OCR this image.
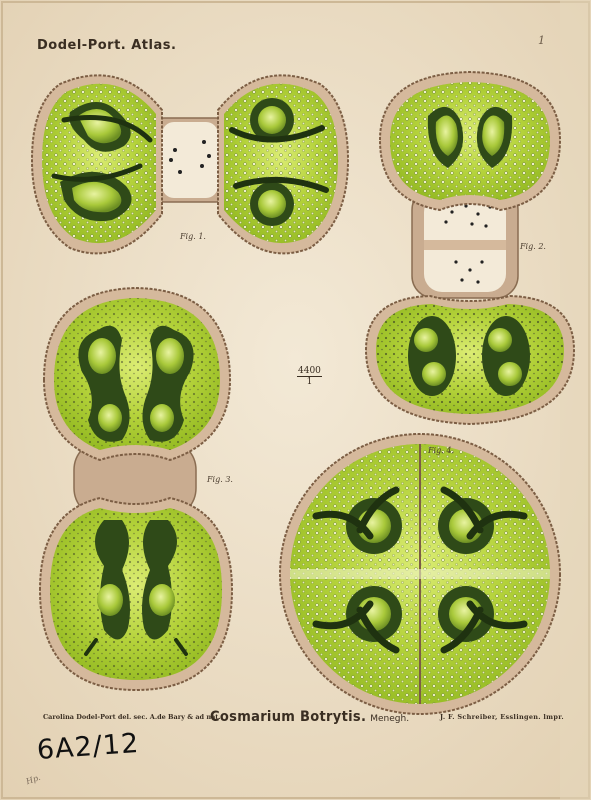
Dodel-Port. Atlas.	1
Fig. 1.
Fig. 2.
Fig. 3.
Fig. 4.
4400
1
Carolina Dodel-Port del. sec. A.de Bary & ad nat.
Cosmarium Botrytis. Menegh.	J. F. Schreiber, Esslingen. lmpr.
6A2/12
Hp.
